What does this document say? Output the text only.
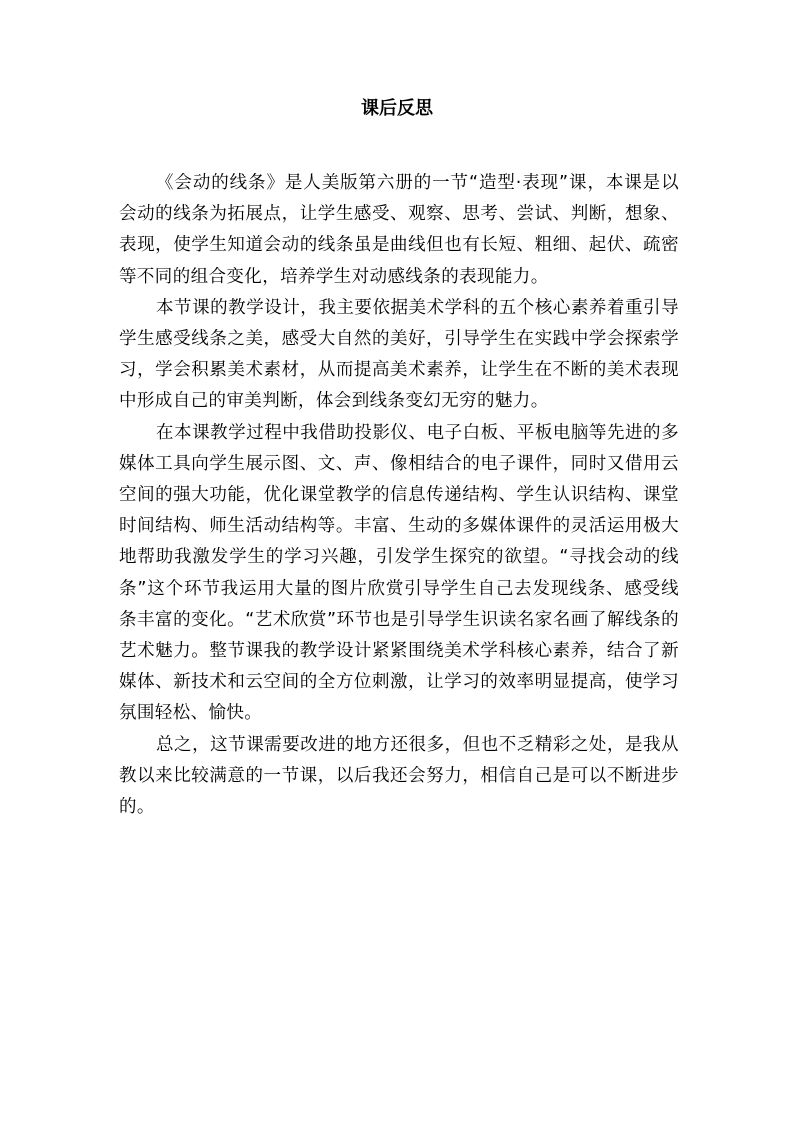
课后反思

《会动的线条》是人美版第六册的一节“造型·表现”课，本课是以会动的线条为拓展点，让学生感受、观察、思考、尝试、判断，想象、表现，使学生知道会动的线条虽是曲线但也有长短、粗细、起伏、疏密等不同的组合变化，培养学生对动感线条的表现能力。

本节课的教学设计，我主要依据美术学科的五个核心素养着重引导学生感受线条之美，感受大自然的美好，引导学生在实践中学会探索学习，学会积累美术素材，从而提高美术素养，让学生在不断的美术表现中形成自己的审美判断，体会到线条变幻无穷的魅力。

在本课教学过程中我借助投影仪、电子白板、平板电脑等先进的多媒体工具向学生展示图、文、声、像相结合的电子课件，同时又借用云空间的强大功能，优化课堂教学的信息传递结构、学生认识结构、课堂时间结构、师生活动结构等。丰富、生动的多媒体课件的灵活运用极大地帮助我激发学生的学习兴趣，引发学生探究的欲望。“寻找会动的线条”这个环节我运用大量的图片欣赏引导学生自己去发现线条、感受线条丰富的变化。“艺术欣赏”环节也是引导学生识读名家名画了解线条的艺术魅力。整节课我的教学设计紧紧围绕美术学科核心素养，结合了新媒体、新技术和云空间的全方位刺激，让学习的效率明显提高，使学习氛围轻松、愉快。

总之，这节课需要改进的地方还很多，但也不乏精彩之处，是我从教以来比较满意的一节课，以后我还会努力，相信自己是可以不断进步的。
